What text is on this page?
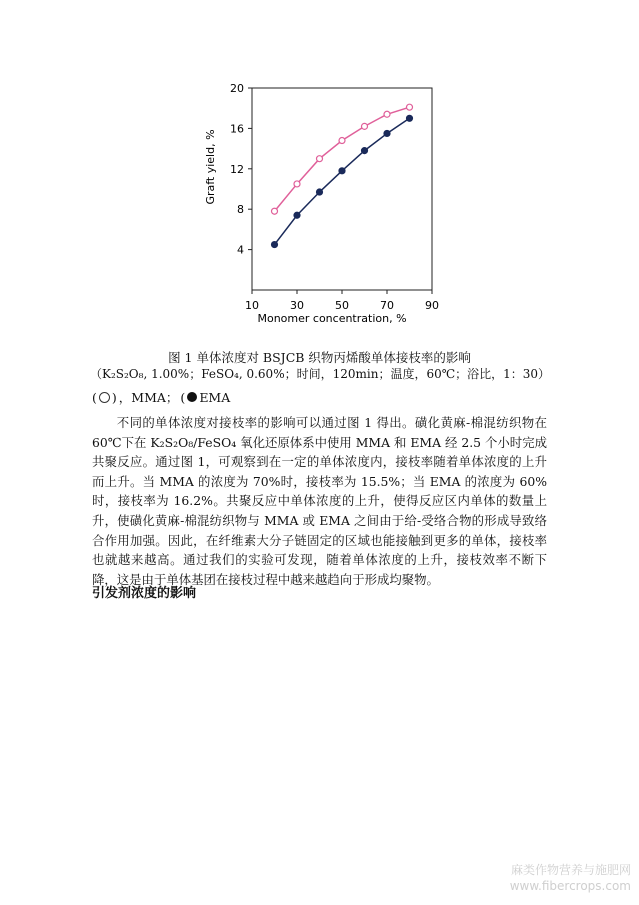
10	30	50	70	90
4
8
12
16
20
Monomer concentration, %
Graft yield, %
图 1 单体浓度对 BSJCB 织物丙烯酸单体接枝率的影响
（K₂S₂O₈, 1.00%；FeSO₄, 0.60%；时间，120min；温度，60℃；浴比，1：30）
( ) ，MMA； ( EMA

不同的单体浓度对接枝率的影响可以通过图 1 得出。磺化黄麻-棉混纺织物在 60℃下在 K₂S₂O₈/FeSO₄ 氧化还原体系中使用 MMA 和 EMA 经 2.5 个小时完成共聚反应。通过图 1，可观察到在一定的单体浓度内，接枝率随着单体浓度的上升而上升。当 MMA 的浓度为 70%时，接枝率为 15.5%；当 EMA 的浓度为 60%时，接枝率为 16.2%。共聚反应中单体浓度的上升，使得反应区内单体的数量上升，使磺化黄麻-棉混纺织物与 MMA 或 EMA 之间由于给-受络合物的形成导致络合作用加强。因此，在纤维素大分子链固定的区域也能接触到更多的单体，接枝率也就越来越高。通过我们的实验可发现，随着单体浓度的上升，接枝效率不断下降，这是由于单体基团在接枝过程中越来越趋向于形成均聚物。

引发剂浓度的影响
麻类作物营养与施肥网
www.fibercrops.com
